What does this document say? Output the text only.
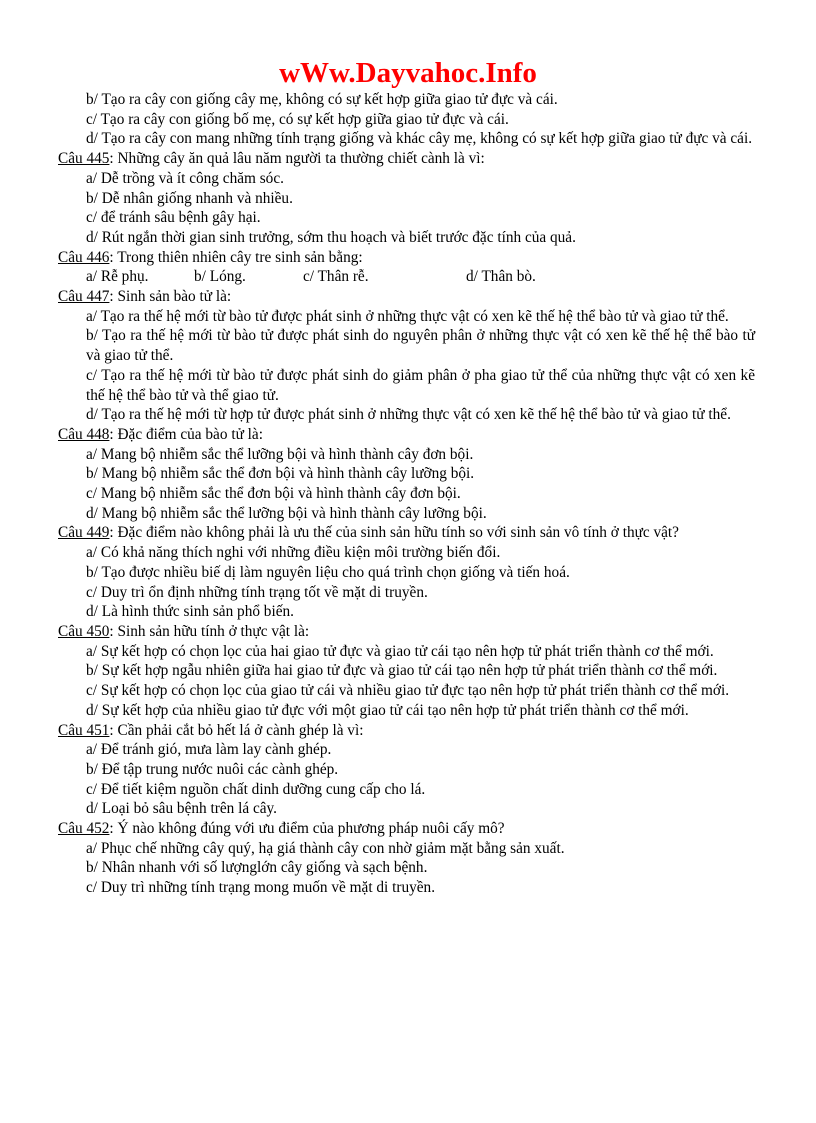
wWw.Dayvahoc.Info

b/ Tạo ra cây con giống cây mẹ, không có sự kết hợp giữa giao tử đực và cái.

c/ Tạo ra cây con giống bố mẹ, có sự kết hợp giữa giao tử đực và cái.

d/ Tạo ra cây con mang những tính trạng giống và khác cây mẹ, không có sự kết hợp giữa giao tử đực và cái.

Câu 445: Những cây ăn quả lâu năm người ta thường chiết cành là vì:

a/ Dễ trồng và ít công chăm sóc.

b/ Dễ nhân giống nhanh và nhiều.

c/ để tránh sâu bệnh gây hại.

d/ Rút ngắn thời gian sinh trưởng, sớm thu hoạch và biết trước đặc tính của quả.

Câu 446: Trong thiên nhiên cây tre sinh sản bằng:

a/ Rễ phụ.	b/ Lóng.	c/ Thân rễ.	d/ Thân bò.

Câu 447: Sinh sản bào tử là:

a/ Tạo ra thế hệ mới từ bào tử được phát sinh ở những thực vật có xen kẽ thế hệ thể bào tử và giao tử thể.

b/ Tạo ra thế hệ mới từ bào tử được phát sinh do nguyên phân ở những thực vật có xen kẽ thế hệ thể bào tử và giao tử thể.

c/ Tạo ra thế hệ mới từ bào tử được phát sinh do giảm phân ở pha giao tử thể của những thực vật có xen kẽ thế hệ thể bào tử và thể giao tử.

d/ Tạo ra thế hệ mới từ hợp tử được phát sinh ở những thực vật có xen kẽ thế hệ thể bào tử và giao tử thể.

Câu 448: Đặc điểm của bào tử là:

a/ Mang bộ nhiễm sắc thể lưỡng bội và hình thành cây đơn bội.

b/ Mang bộ nhiễm sắc thể đơn bội và hình thành cây lưỡng bội.

c/ Mang bộ nhiễm sắc thể đơn bội và hình thành cây đơn bội.

d/ Mang bộ nhiễm sắc thể lưỡng bội và hình thành cây lưỡng bội.

Câu 449: Đặc điểm nào không phải là ưu thế của sinh sản hữu tính so với sinh sản vô tính ở thực vật?

a/ Có khả năng thích nghi với những điều kiện môi trường biến đổi.

b/ Tạo được nhiều biế dị làm nguyên liệu cho quá trình chọn giống và tiến hoá.

c/ Duy trì ổn định những tính trạng tốt về mặt di truyền.

d/ Là hình thức sinh sản phổ biến.

Câu 450: Sinh sản hữu tính ở thực vật là:

a/ Sự kết hợp có chọn lọc của hai giao tử đực và giao tử cái tạo nên hợp tử phát triển thành cơ thể mới.

b/ Sự kết hợp ngẫu nhiên giữa hai giao tử đực và giao tử cái tạo nên hợp tử phát triển thành cơ thể mới.

c/ Sự kết hợp có chọn lọc của giao tử cái và nhiều giao tử đực tạo nên hợp tử phát triển thành cơ thể mới.

d/ Sự kết hợp của nhiều giao tử đực với một giao tử cái tạo nên hợp tử phát triển thành cơ thể mới.

Câu 451: Cần phải cắt bỏ hết lá ở cành ghép là vì:

a/ Để tránh gió, mưa làm lay cành ghép.

b/ Để tập trung nước nuôi các cành ghép.

c/ Để tiết kiệm nguồn chất dinh dưỡng cung cấp cho lá.

d/ Loại bỏ sâu bệnh trên lá cây.

Câu 452: Ý nào không đúng với ưu điểm của phương pháp nuôi cấy mô?

a/ Phục chế những cây quý, hạ giá thành cây con nhờ giảm mặt bằng sản xuất.

b/ Nhân nhanh với số lượnglớn cây giống và sạch bệnh.

c/ Duy trì những tính trạng mong muốn về mặt di truyền.
